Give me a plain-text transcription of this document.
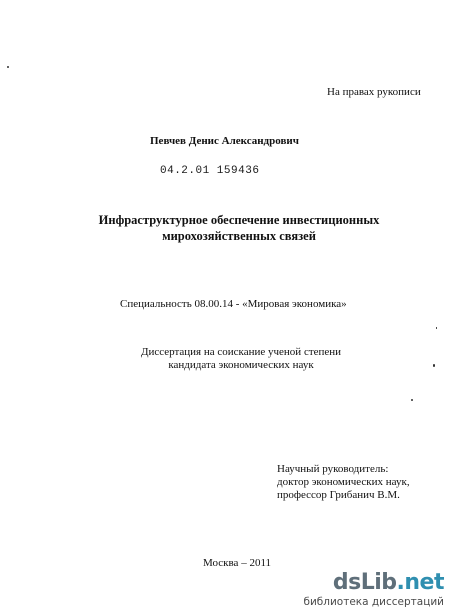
На правах рукописи
Певчев Денис Александрович
04.2.01 159436
Инфраструктурное обеспечение инвестиционных
мирохозяйственных связей
Специальность 08.00.14 - «Мировая экономика»
Диссертация на соискание ученой степени
кандидата экономических наук
Научный руководитель:
доктор экономических наук,
профессор Грибанич В.М.
Москва – 2011
dsLib.net
библиотека диссертаций
